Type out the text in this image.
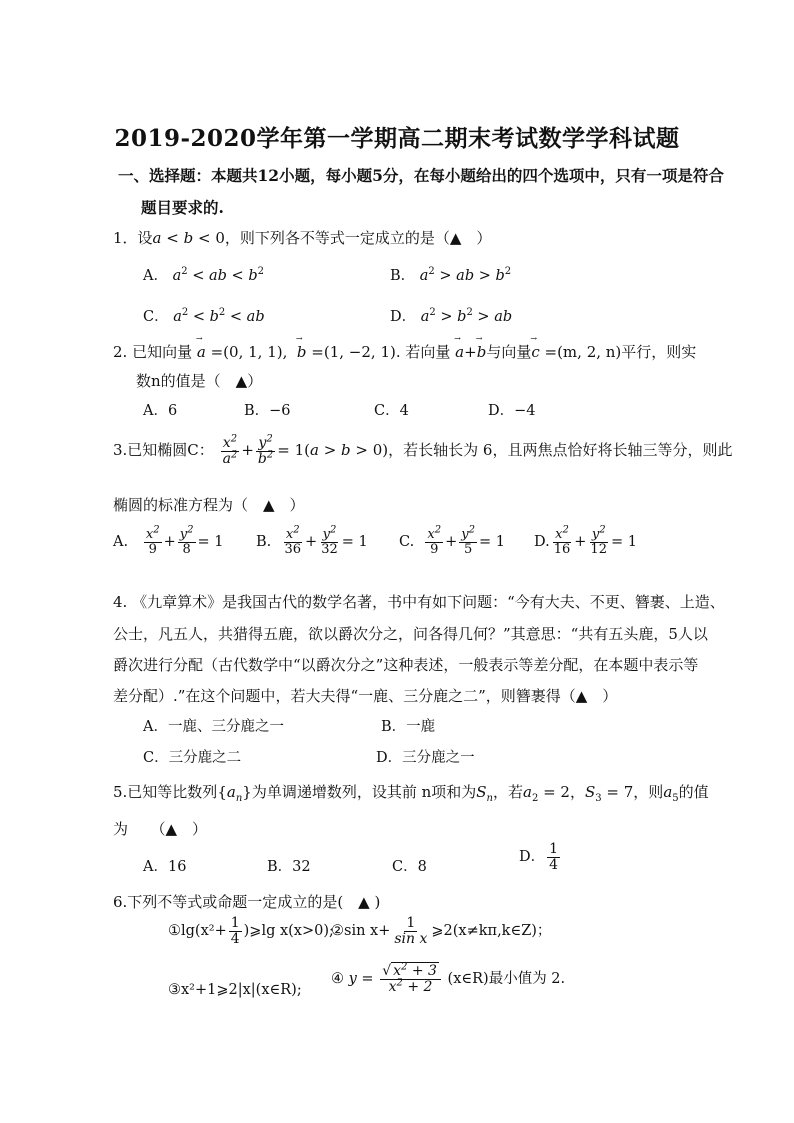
2019-2020学年第一学期高二期末考试数学学科试题
一、选择题：本题共12小题，每小题5分，在每小题给出的四个选项中，只有一项是符合
题目要求的.
1．设a < b < 0，则下列各不等式一定成立的是（▲　）
A． $a^2$ < ab < $b^2$	B． $a^2$ > ab > $b^2$
C． $a^2 < b^2$ < ab	D． $a^2 > b^2$ > ab
2. 已知向量 → a =(0, 1, 1), → b =(1, −2, 1). 若向量 → a+→ b与向量→ c =(m, 2, n)平行，则实
数n的值是（　▲）
A．6	B．−6	C．4	D．−4
3.已知椭圆C： $\frac{x^2}{a^2} + \frac{y^2}{b^2} = 1(a > b > 0)$，若长轴长为 6，且两焦点恰好将长轴三等分，则此
椭圆的标准方程为（　▲　）
A. $\frac{x^2}{9} + \frac{y^2}{8} = 1$ B. $\frac{x^2}{36} + \frac{y^2}{32} = 1$ C. $\frac{x^2}{9} + \frac{y^2}{5} = 1$ D. $\frac{x^2}{16} + \frac{y^2}{12} = 1$
4. 《九章算术》是我国古代的数学名著，书中有如下问题：“今有大夫、不更、簪裹、上造、
公士，凡五人，共猎得五鹿，欲以爵次分之，问各得几何？”其意思：“共有五头鹿，5人以
爵次进行分配（古代数学中“以爵次分之”这种表述，一般表示等差分配，在本题中表示等
差分配）.”在这个问题中，若大夫得“一鹿、三分鹿之二”，则簪裹得（▲　）
A．一鹿、三分鹿之一	B．一鹿
C．三分鹿之二	D．三分鹿之一
5.已知等比数列$\{a_n\}$为单调递增数列，设其前 n项和为$S_n$，若$a_2 = 2$，$S_3 = 7$，则$a_5$的值
为　　（▲　）
A．16	B．32	C．8
D． $\frac{1}{4}$
6.下列不等式或命题一定成立的是(　▲ )
①lg(x²+ $\frac{1}{4}$ )⩾lg x(x>0);
②sin $x+ \frac{1}{\text{sin x}}$ ⩾2(x≠kπ,k∈Z)；
③x²+1⩾2|x|(x∈R);
④ $y = \frac{√ x^2 + 3}{x^2 + 2}$ (x∈R)最小值为 2.
